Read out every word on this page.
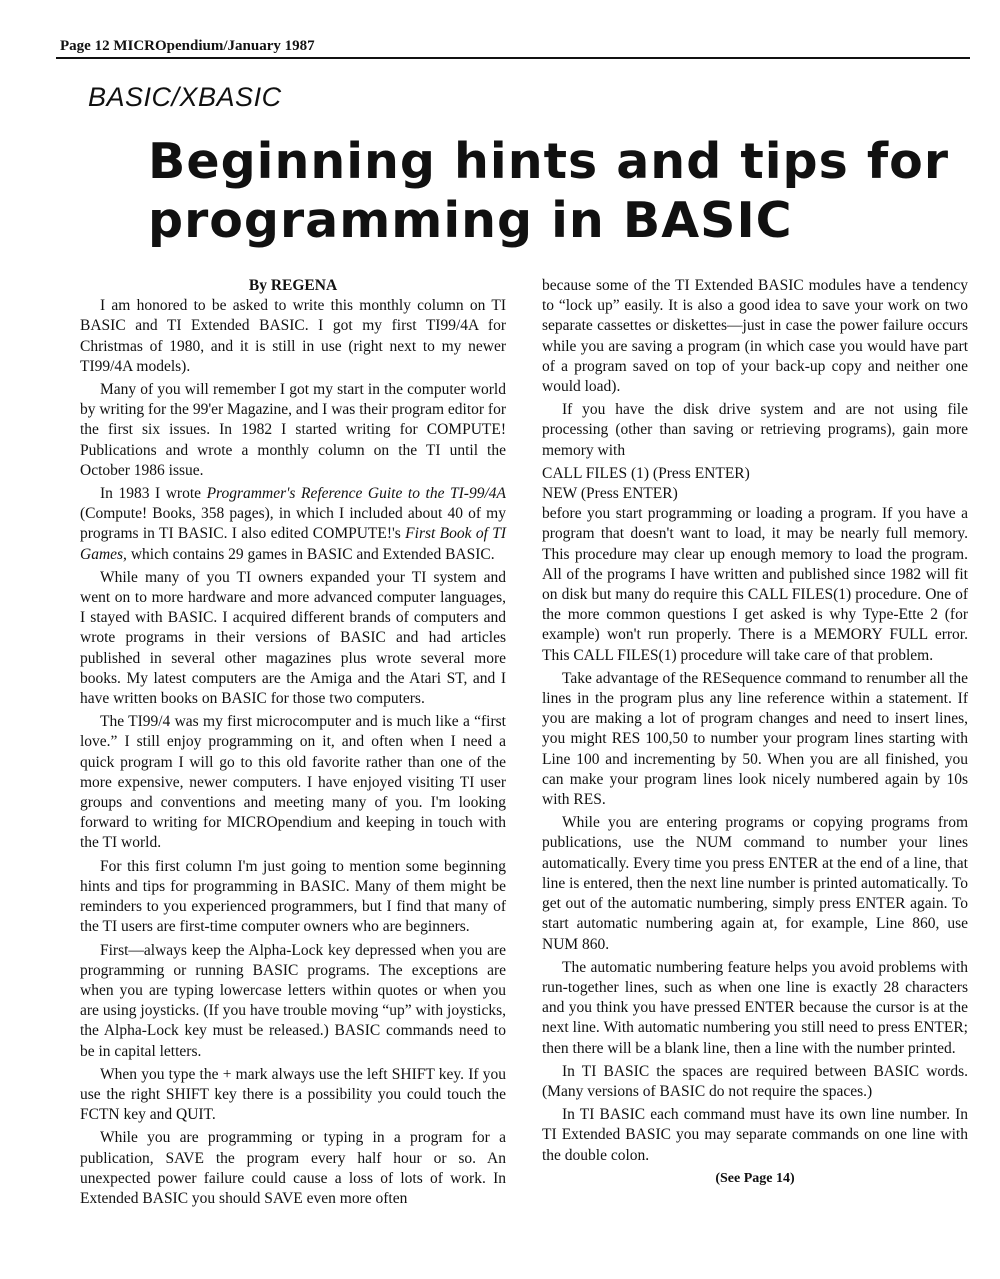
Page 12 MICROpendium/January 1987
BASIC/XBASIC
Beginning hints and tips for
programming in BASIC
By REGENA

I am honored to be asked to write this monthly column on TI BASIC and TI Extended BASIC. I got my first TI99/4A for Christmas of 1980, and it is still in use (right next to my newer TI99/4A models).

Many of you will remember I got my start in the computer world by writing for the 99'er Magazine, and I was their program editor for the first six issues. In 1982 I started writing for COMPUTE! Publications and wrote a monthly column on the TI until the October 1986 issue.

In 1983 I wrote Programmer's Reference Guite to the TI-99/4A (Compute! Books, 358 pages), in which I included about 40 of my programs in TI BASIC. I also edited COMPUTE!'s First Book of TI Games, which contains 29 games in BASIC and Extended BASIC.

While many of you TI owners expanded your TI system and went on to more hardware and more advanced computer languages, I stayed with BASIC. I acquired different brands of computers and wrote programs in their versions of BASIC and had articles published in several other magazines plus wrote several more books. My latest computers are the Amiga and the Atari ST, and I have written books on BASIC for those two computers.

The TI99/4 was my first microcomputer and is much like a “first love.” I still enjoy programming on it, and often when I need a quick program I will go to this old favorite rather than one of the more expensive, newer computers. I have enjoyed visiting TI user groups and conventions and meeting many of you. I'm looking forward to writing for MICROpendium and keeping in touch with the TI world.

For this first column I'm just going to mention some beginning hints and tips for programming in BASIC. Many of them might be reminders to you experienced programmers, but I find that many of the TI users are first-time computer owners who are beginners.

First—always keep the Alpha-Lock key depressed when you are programming or running BASIC programs. The exceptions are when you are typing lowercase letters within quotes or when you are using joysticks. (If you have trouble moving “up” with joysticks, the Alpha-Lock key must be released.) BASIC commands need to be in capital letters.

When you type the + mark always use the left SHIFT key. If you use the right SHIFT key there is a possibility you could touch the FCTN key and QUIT.

While you are programming or typing in a program for a publication, SAVE the program every half hour or so. An unexpected power failure could cause a loss of lots of work. In Extended BASIC you should SAVE even more often

because some of the TI Extended BASIC modules have a tendency to “lock up” easily. It is also a good idea to save your work on two separate cassettes or diskettes—just in case the power failure occurs while you are saving a program (in which case you would have part of a program saved on top of your back-up copy and neither one would load).

If you have the disk drive system and are not using file processing (other than saving or retrieving programs), gain more memory with

CALL FILES (1) (Press ENTER)

NEW (Press ENTER)

before you start programming or loading a program. If you have a program that doesn't want to load, it may be nearly full memory. This procedure may clear up enough memory to load the program. All of the programs I have written and published since 1982 will fit on disk but many do require this CALL FILES(1) procedure. One of the more common questions I get asked is why Type-Ette 2 (for example) won't run properly. There is a MEMORY FULL error. This CALL FILES(1) procedure will take care of that problem.

Take advantage of the RESequence command to renumber all the lines in the program plus any line reference within a statement. If you are making a lot of program changes and need to insert lines, you might RES 100,50 to number your program lines starting with Line 100 and incrementing by 50. When you are all finished, you can make your program lines look nicely numbered again by 10s with RES.

While you are entering programs or copying programs from publications, use the NUM command to number your lines automatically. Every time you press ENTER at the end of a line, that line is entered, then the next line number is printed automatically. To get out of the automatic numbering, simply press ENTER again. To start automatic numbering again at, for example, Line 860, use NUM 860.

The automatic numbering feature helps you avoid problems with run-together lines, such as when one line is exactly 28 characters and you think you have pressed ENTER because the cursor is at the next line. With automatic numbering you still need to press ENTER; then there will be a blank line, then a line with the number printed.

In TI BASIC the spaces are required between BASIC words. (Many versions of BASIC do not require the spaces.)

In TI BASIC each command must have its own line number. In TI Extended BASIC you may separate commands on one line with the double colon.

(See Page 14)
